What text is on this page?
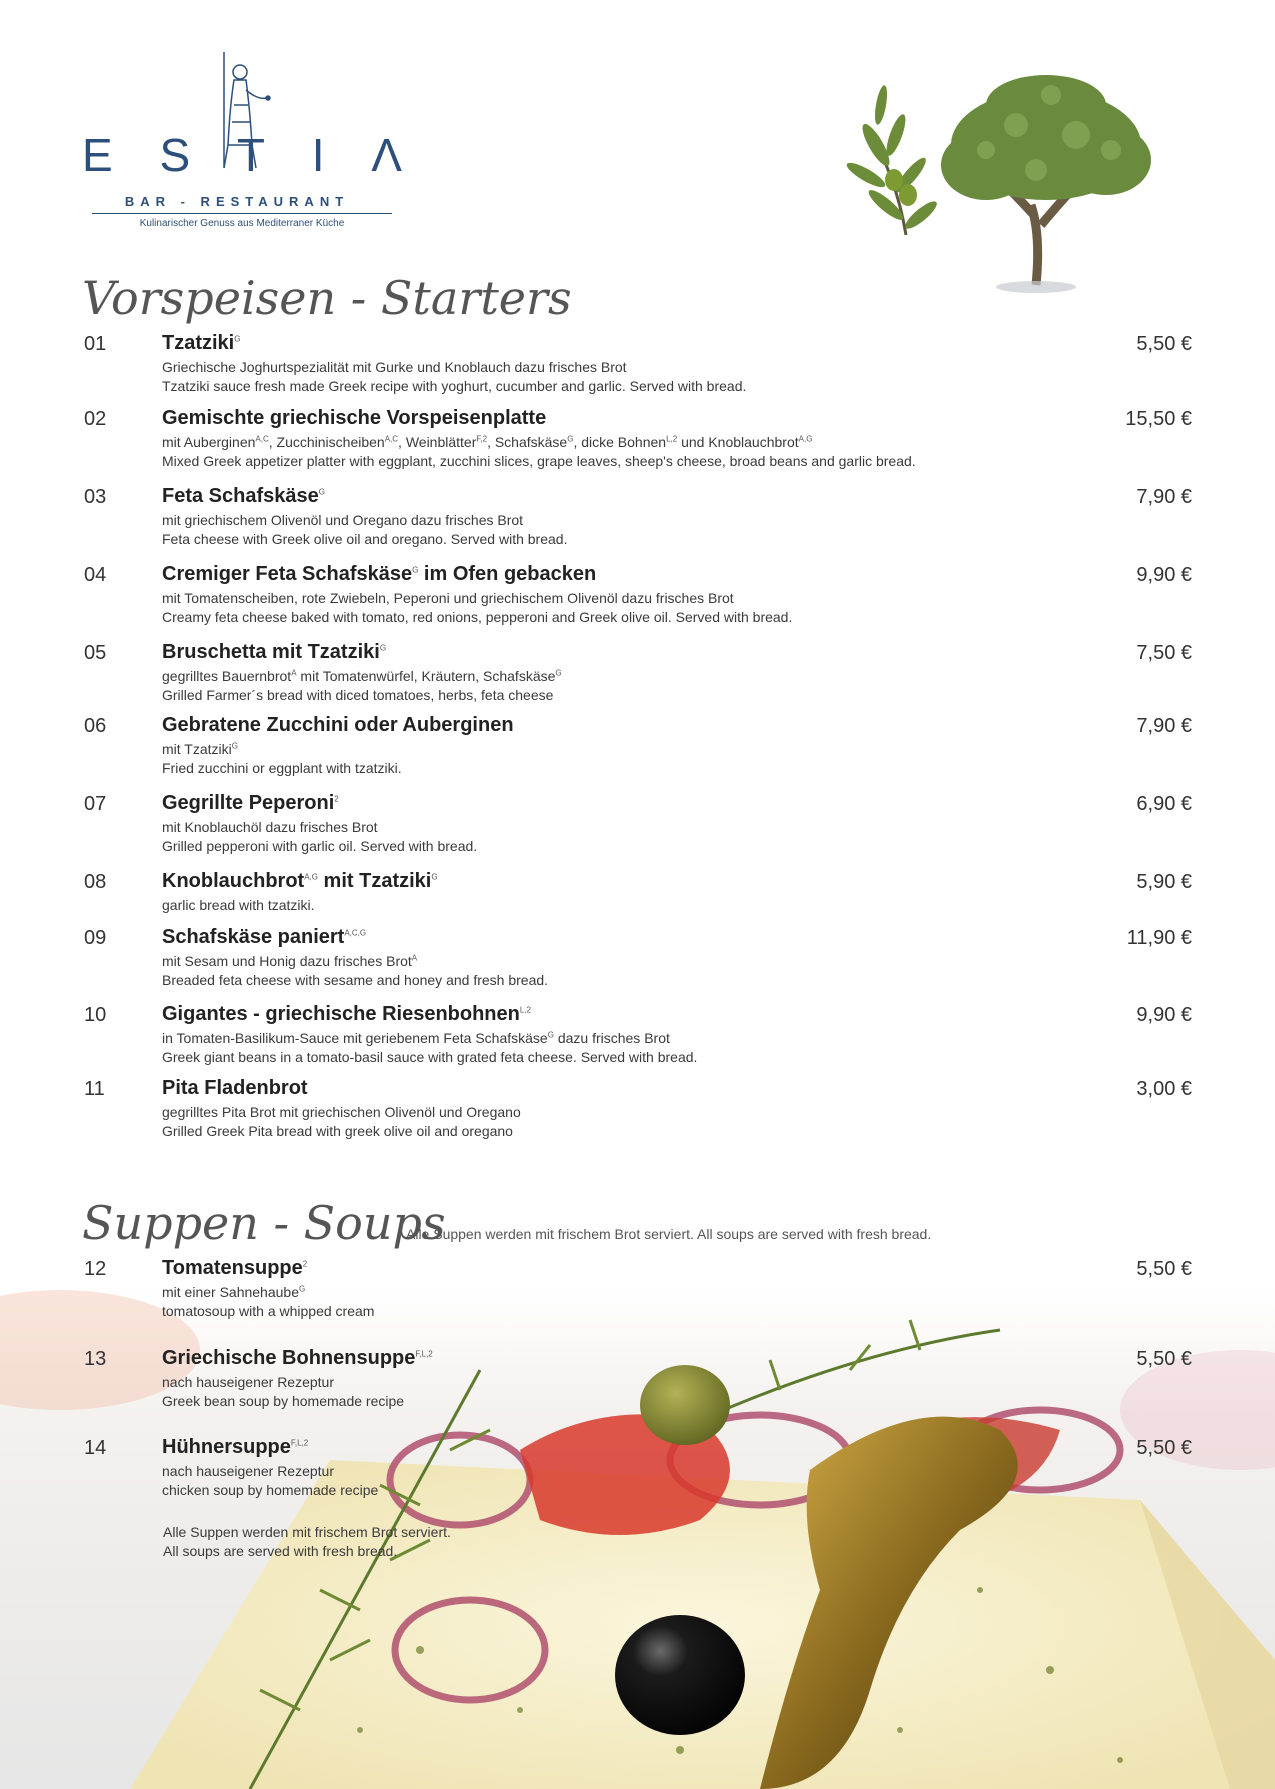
E S T I Λ
BAR - RESTAURANT
Kulinarischer Genuss aus Mediterraner Küche
Vorspeisen - Starters
01	Tzatziki$^G$	5,50 €
Griechische Joghurtspezialität mit Gurke und Knoblauch dazu frisches Brot
Tzatziki sauce fresh made Greek recipe with yoghurt, cucumber and garlic. Served with bread.
02	Gemischte griechische Vorspeisenplatte	15,50 €
mit Auberginen$^{A,C}$, Zucchinischeiben$^{A,C}$, Weinblätter$^{F,2}$, Schafskäse$^G$, dicke Bohnen$^{L,2}$ und Knoblauchbrot$^{A,G}$
Mixed Greek appetizer platter with eggplant, zucchini slices, grape leaves, sheep's cheese, broad beans and garlic bread.
03	Feta Schafskäse$^G$	7,90 €
mit griechischem Olivenöl und Oregano dazu frisches Brot
Feta cheese with Greek olive oil and oregano. Served with bread.
04	Cremiger Feta Schafskäse$^G$ im Ofen gebacken	9,90 €
mit Tomatenscheiben, rote Zwiebeln, Peperoni und griechischem Olivenöl dazu frisches Brot
Creamy feta cheese baked with tomato, red onions, pepperoni and Greek olive oil. Served with bread.
05	Bruschetta mit Tzatziki$^G$	7,50 €
gegrilltes Bauernbrot$^A$ mit Tomatenwürfel, Kräutern, Schafskäse$^G$
Grilled Farmer´s bread with diced tomatoes, herbs, feta cheese
06	Gebratene Zucchini oder Auberginen	7,90 €
mit Tzatziki$^G$
Fried zucchini or eggplant with tzatziki.
07	Gegrillte Peperoni$^2$	6,90 €
mit Knoblauchöl dazu frisches Brot
Grilled pepperoni with garlic oil. Served with bread.
08	Knoblauchbrot$^{A,G}$ mit Tzatziki$^G$	5,90 €
garlic bread with tzatziki.
09	Schafskäse paniert$^{A,C,G}$	11,90 €
mit Sesam und Honig dazu frisches Brot$^A$
Breaded feta cheese with sesame and honey and fresh bread.
10	Gigantes - griechische Riesenbohnen$^{L,2}$	9,90 €
in Tomaten-Basilikum-Sauce mit geriebenem Feta Schafskäse$^G$ dazu frisches Brot
Greek giant beans in a tomato-basil sauce with grated feta cheese. Served with bread.
11	Pita Fladenbrot	3,00 €
gegrilltes Pita Brot mit griechischen Olivenöl und Oregano
Grilled Greek Pita bread with greek olive oil and oregano
Suppen - Soups
Alle Suppen werden mit frischem Brot serviert. All soups are served with fresh bread.
12	Tomatensuppe$^2$	5,50 €
mit einer Sahnehaube$^G$
tomatosoup with a whipped cream
13	Griechische Bohnensuppe$^{F,L,2}$	5,50 €
nach hauseigener Rezeptur
Greek bean soup by homemade recipe
14	Hühnersuppe$^{F,L,2}$	5,50 €
nach hauseigener Rezeptur
chicken soup by homemade recipe
Alle Suppen werden mit frischem Brot serviert.
All soups are served with fresh bread.
